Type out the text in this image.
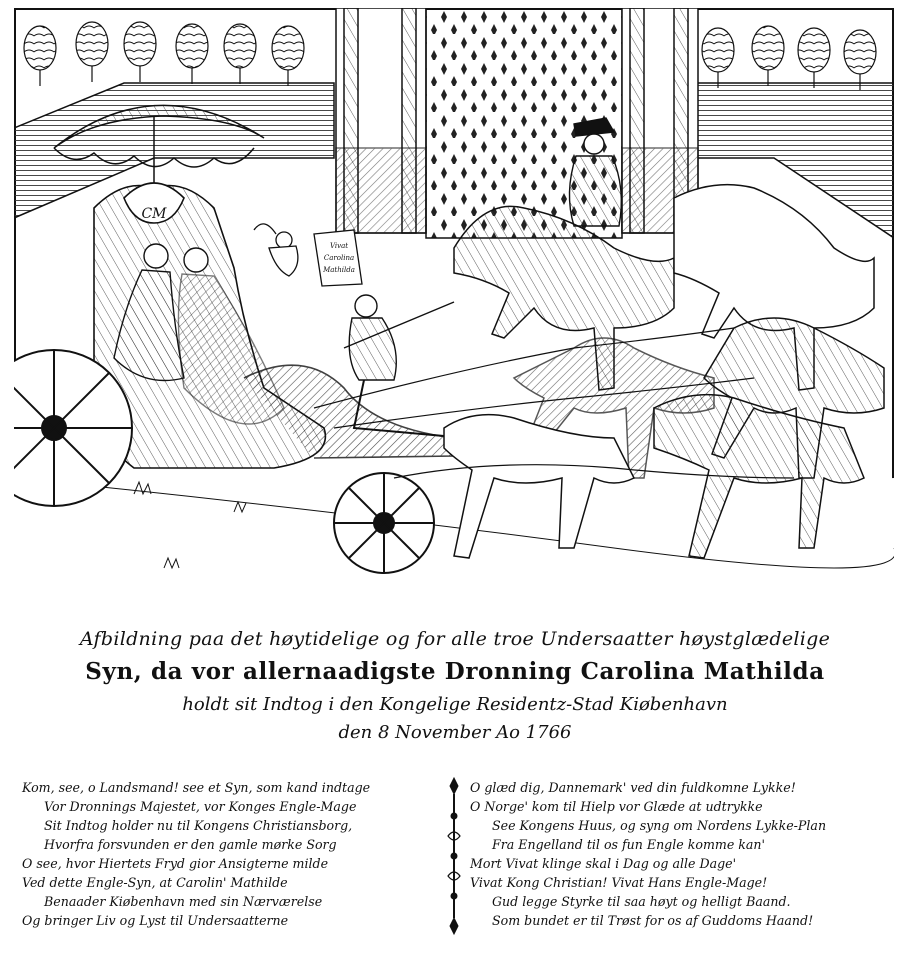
CM
Vivat
Carolina
Mathilda
Afbildning paa det høytidelige og for alle troe Undersaatter høystglædelige
Syn, da vor allernaadigste Dronning Carolina Mathilda
holdt sit Indtog i den Kongelige Residentz-Stad Kiøbenhavn
den 8 November Ao 1766
Kom, see, o Landsmand! see et Syn, som kand indtage
Vor Dronnings Majestet, vor Konges Engle-Mage
Sit Indtog holder nu til Kongens Christiansborg,
Hvorfra forsvunden er den gamle mørke Sorg
O see, hvor Hiertets Fryd gior Ansigterne milde
Ved dette Engle-Syn, at Carolin' Mathilde
Benaader Kiøbenhavn med sin Nærværelse
Og bringer Liv og Lyst til Undersaatterne
O glæd dig, Dannemark' ved din fuldkomne Lykke!
O Norge' kom til Hielp vor Glæde at udtrykke
See Kongens Huus, og syng om Nordens Lykke-Plan
Fra Engelland til os fun Engle komme kan'
Mort Vivat klinge skal i Dag og alle Dage'
Vivat Kong Christian! Vivat Hans Engle-Mage!
Gud legge Styrke til saa høyt og helligt Baand.
Som bundet er til Trøst for os af Guddoms Haand!
